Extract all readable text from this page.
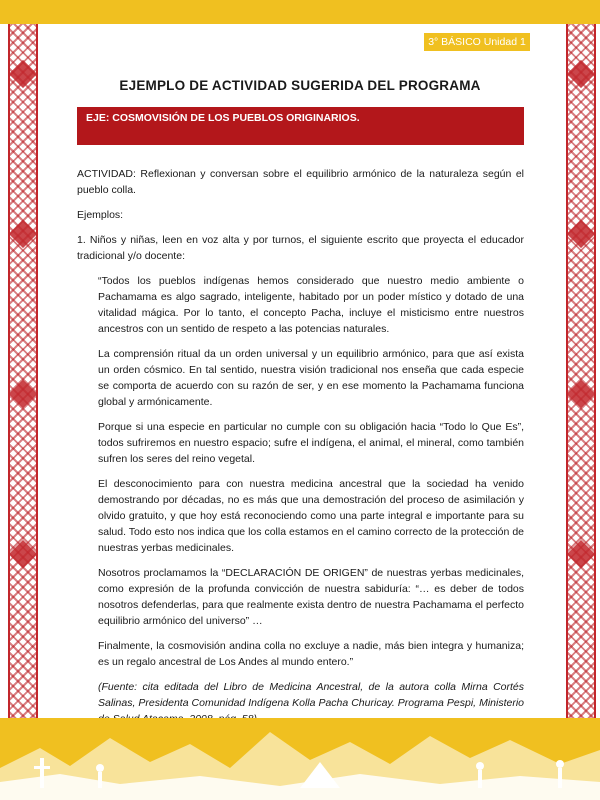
3° BÁSICO Unidad 1
EJEMPLO DE ACTIVIDAD SUGERIDA DEL PROGRAMA
EJE: COSMOVISIÓN DE LOS PUEBLOS ORIGINARIOS.

ACTIVIDAD: Reflexionan y conversan sobre el equilibrio armónico de la naturaleza según el pueblo colla.

Ejemplos:

1. Niños y niñas, leen en voz alta y por turnos, el siguiente escrito que proyecta el educador tradicional y/o docente:

“Todos los pueblos indígenas hemos considerado que nuestro medio ambiente o Pachamama es algo sagrado, inteligente, habitado por un poder místico y dotado de una vitalidad mágica. Por lo tanto, el concepto Pacha, incluye el misticismo entre nuestros ancestros con un sentido de respeto a las potencias naturales.

La comprensión ritual da un orden universal y un equilibrio armónico, para que así exista un orden cósmico. En tal sentido, nuestra visión tradicional nos enseña que cada especie se comporta de acuerdo con su razón de ser, y en ese momento la Pachamama funciona global y armónicamente.

Porque si una especie en particular no cumple con su obligación hacia “Todo lo Que Es”, todos sufriremos en nuestro espacio; sufre el indígena, el animal, el mineral, como también sufren los seres del reino vegetal.

El desconocimiento para con nuestra medicina ancestral que la sociedad ha venido demostrando por décadas, no es más que una demostración del proceso de asimilación y olvido gratuito, y que hoy está reconociendo como una parte integral e importante para su salud. Todo esto nos indica que los colla estamos en el camino correcto de la protección de nuestras yerbas medicinales.

Nosotros proclamamos la “DECLARACIÓN DE ORIGEN” de nuestras yerbas medicinales, como expresión de la profunda convicción de nuestra sabiduría: “… es deber de todos nosotros defenderlas, para que realmente exista dentro de nuestra Pachamama el perfecto equilibrio armónico del universo” …

Finalmente, la cosmovisión andina colla no excluye a nadie, más bien integra y humaniza; es un regalo ancestral de Los Andes al mundo entero.”

(Fuente: cita editada del Libro de Medicina Ancestral, de la autora colla Mirna Cortés Salinas, Presidenta Comunidad Indígena Kolla Pacha Churicay. Programa Pespi, Ministerio
